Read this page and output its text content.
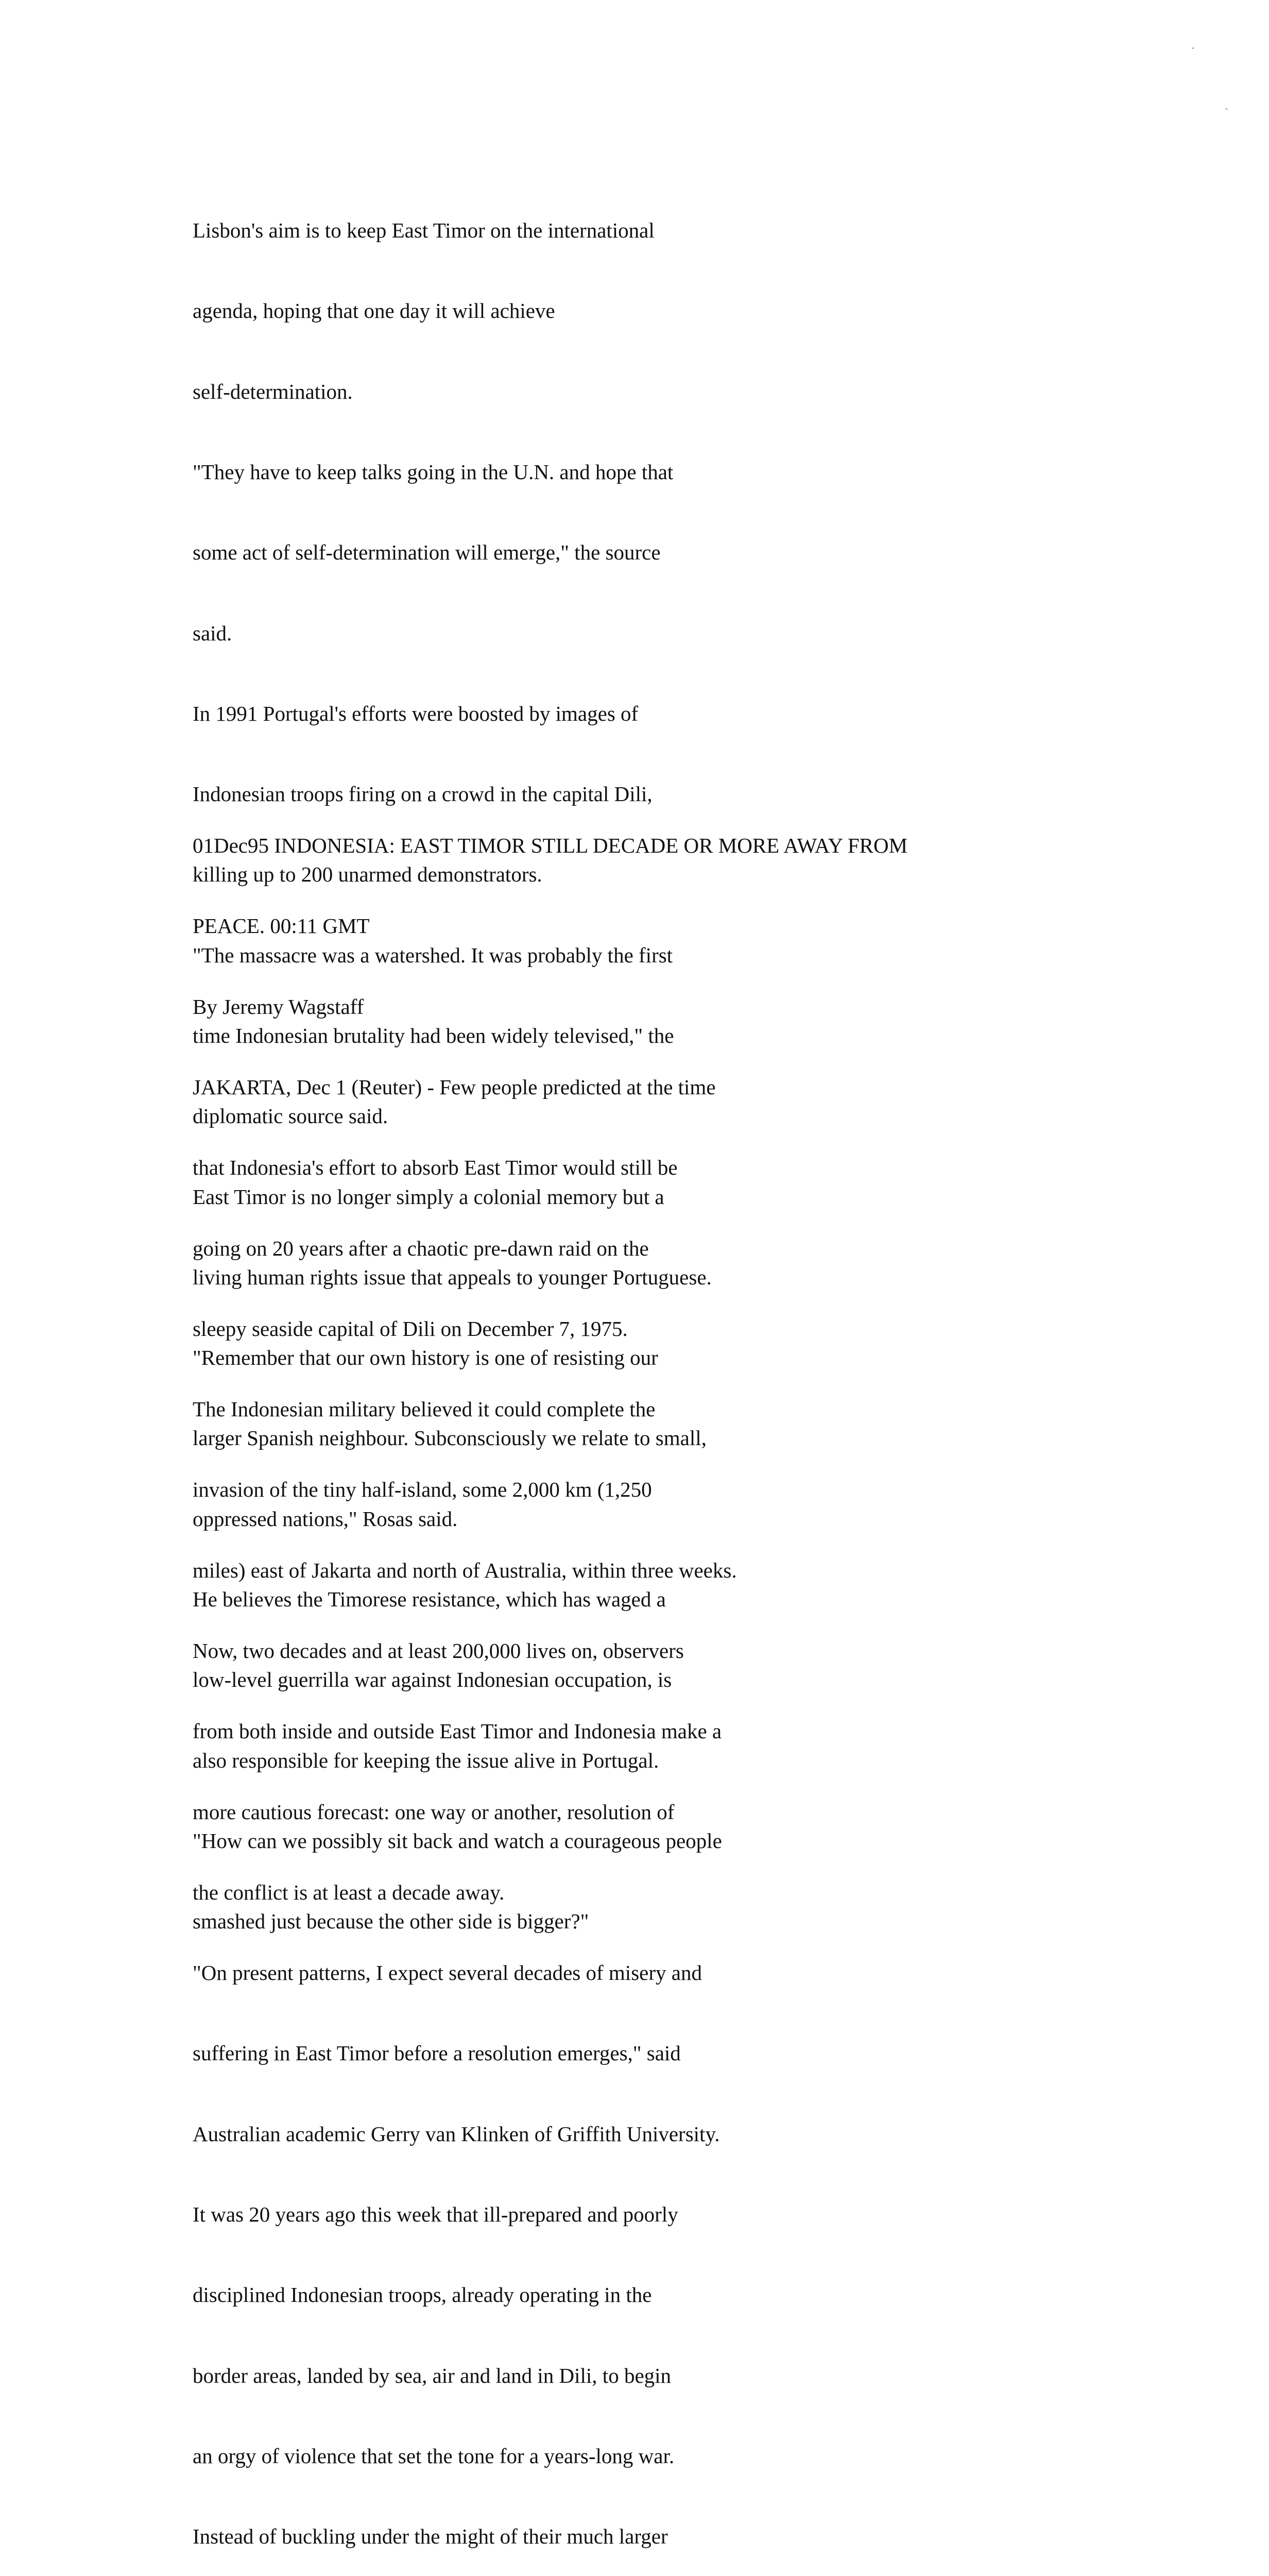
Lisbon's aim is to keep East Timor on the international

agenda, hoping that one day it will achieve

self-determination.

"They have to keep talks going in the U.N. and hope that

some act of self-determination will emerge," the source

said.

In 1991 Portugal's efforts were boosted by images of

Indonesian troops firing on a crowd in the capital Dili,

killing up to 200 unarmed demonstrators.

"The massacre was a watershed. It was probably the first

time Indonesian brutality had been widely televised," the

diplomatic source said.

East Timor is no longer simply a colonial memory but a

living human rights issue that appeals to younger Portuguese.

"Remember that our own history is one of resisting our

larger Spanish neighbour. Subconsciously we relate to small,

oppressed nations," Rosas said.

He believes the Timorese resistance, which has waged a

low-level guerrilla war against Indonesian occupation, is

also responsible for keeping the issue alive in Portugal.

"How can we possibly sit back and watch a courageous people

smashed just because the other side is bigger?"

01Dec95 INDONESIA: EAST TIMOR STILL DECADE OR MORE AWAY FROM

PEACE. 00:11 GMT

By Jeremy Wagstaff

JAKARTA, Dec 1 (Reuter) - Few people predicted at the time

that Indonesia's effort to absorb East Timor would still be

going on 20 years after a chaotic pre-dawn raid on the

sleepy seaside capital of Dili on December 7, 1975.

The Indonesian military believed it could complete the

invasion of the tiny half-island, some 2,000 km (1,250

miles) east of Jakarta and north of Australia, within three weeks.

Now, two decades and at least 200,000 lives on, observers

from both inside and outside East Timor and Indonesia make a

more cautious forecast: one way or another, resolution of

the conflict is at least a decade away.

"On present patterns, I expect several decades of misery and

suffering in East Timor before a resolution emerges," said

Australian academic Gerry van Klinken of Griffith University.

It was 20 years ago this week that ill-prepared and poorly

disciplined Indonesian troops, already operating in the

border areas, landed by sea, air and land in Dili, to begin

an orgy of violence that set the tone for a years-long war.

Instead of buckling under the might of their much larger
